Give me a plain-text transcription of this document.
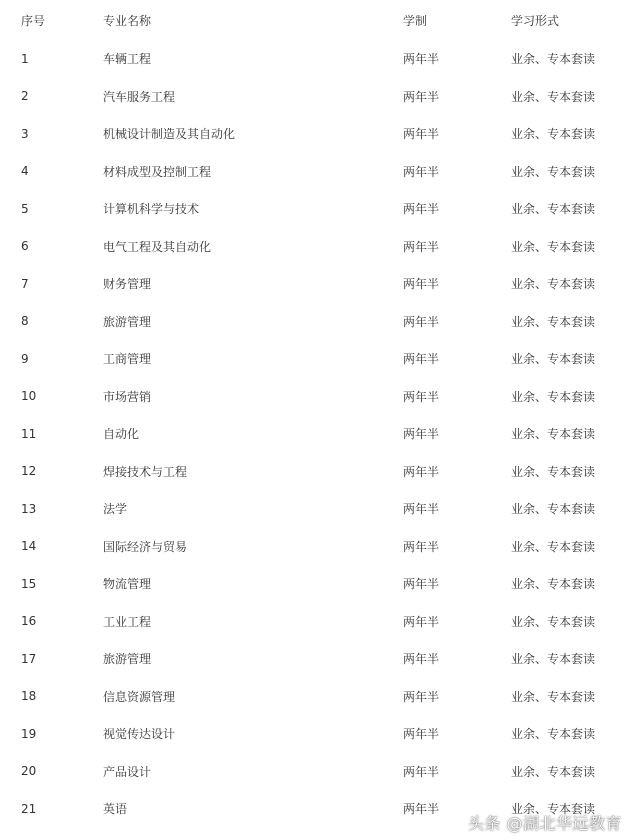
序号	专业名称	学制	学习形式
1	车辆工程	两年半	业余、专本套读
2	汽车服务工程	两年半	业余、专本套读
3	机械设计制造及其自动化	两年半	业余、专本套读
4	材料成型及控制工程	两年半	业余、专本套读
5	计算机科学与技术	两年半	业余、专本套读
6	电气工程及其自动化	两年半	业余、专本套读
7	财务管理	两年半	业余、专本套读
8	旅游管理	两年半	业余、专本套读
9	工商管理	两年半	业余、专本套读
10	市场营销	两年半	业余、专本套读
11	自动化	两年半	业余、专本套读
12	焊接技术与工程	两年半	业余、专本套读
13	法学	两年半	业余、专本套读
14	国际经济与贸易	两年半	业余、专本套读
15	物流管理	两年半	业余、专本套读
16	工业工程	两年半	业余、专本套读
17	旅游管理	两年半	业余、专本套读
18	信息资源管理	两年半	业余、专本套读
19	视觉传达设计	两年半	业余、专本套读
20	产品设计	两年半	业余、专本套读
21	英语	两年半	业余、专本套读
头条 @湖北华远教育
